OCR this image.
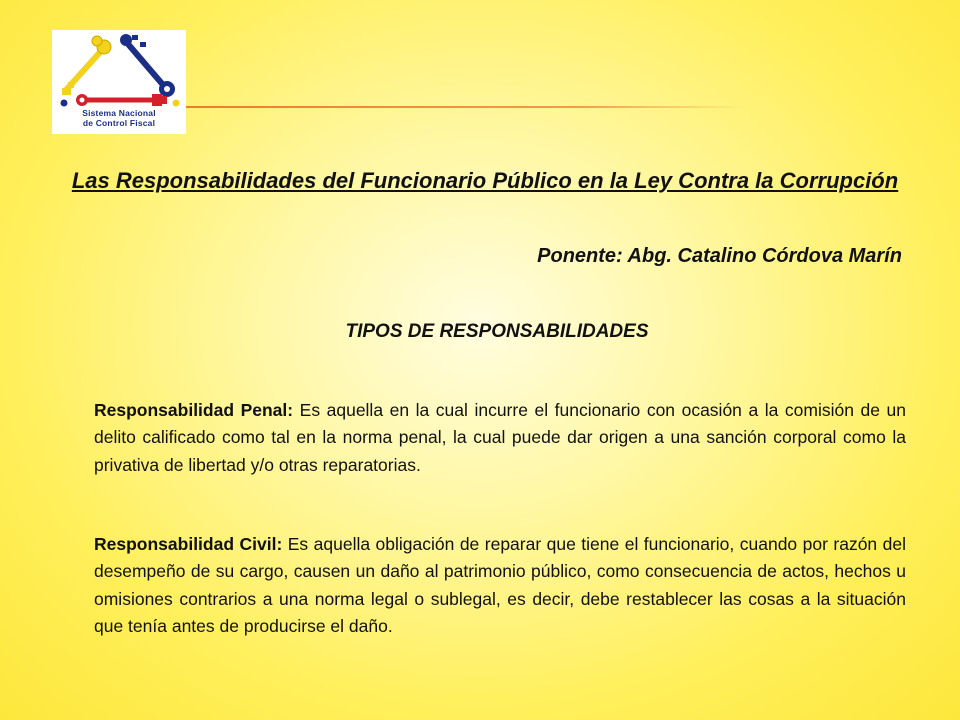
Sistema Nacional
de Control Fiscal
Las Responsabilidades del Funcionario Público en la Ley Contra la Corrupción
Ponente: Abg. Catalino Córdova Marín
TIPOS DE RESPONSABILIDADES

Responsabilidad Penal: Es aquella en la cual incurre el funcionario con ocasión a la comisión de un delito calificado como tal en la norma penal, la cual puede dar origen a una sanción corporal como la privativa de libertad y/o otras reparatorias.

Responsabilidad Civil: Es aquella obligación de reparar que tiene el funcionario, cuando por razón del desempeño de su cargo, causen un daño al patrimonio público, como consecuencia de actos, hechos u omisiones contrarios a una norma legal o sublegal, es decir, debe restablecer las cosas a la situación que tenía antes de producirse el daño.
